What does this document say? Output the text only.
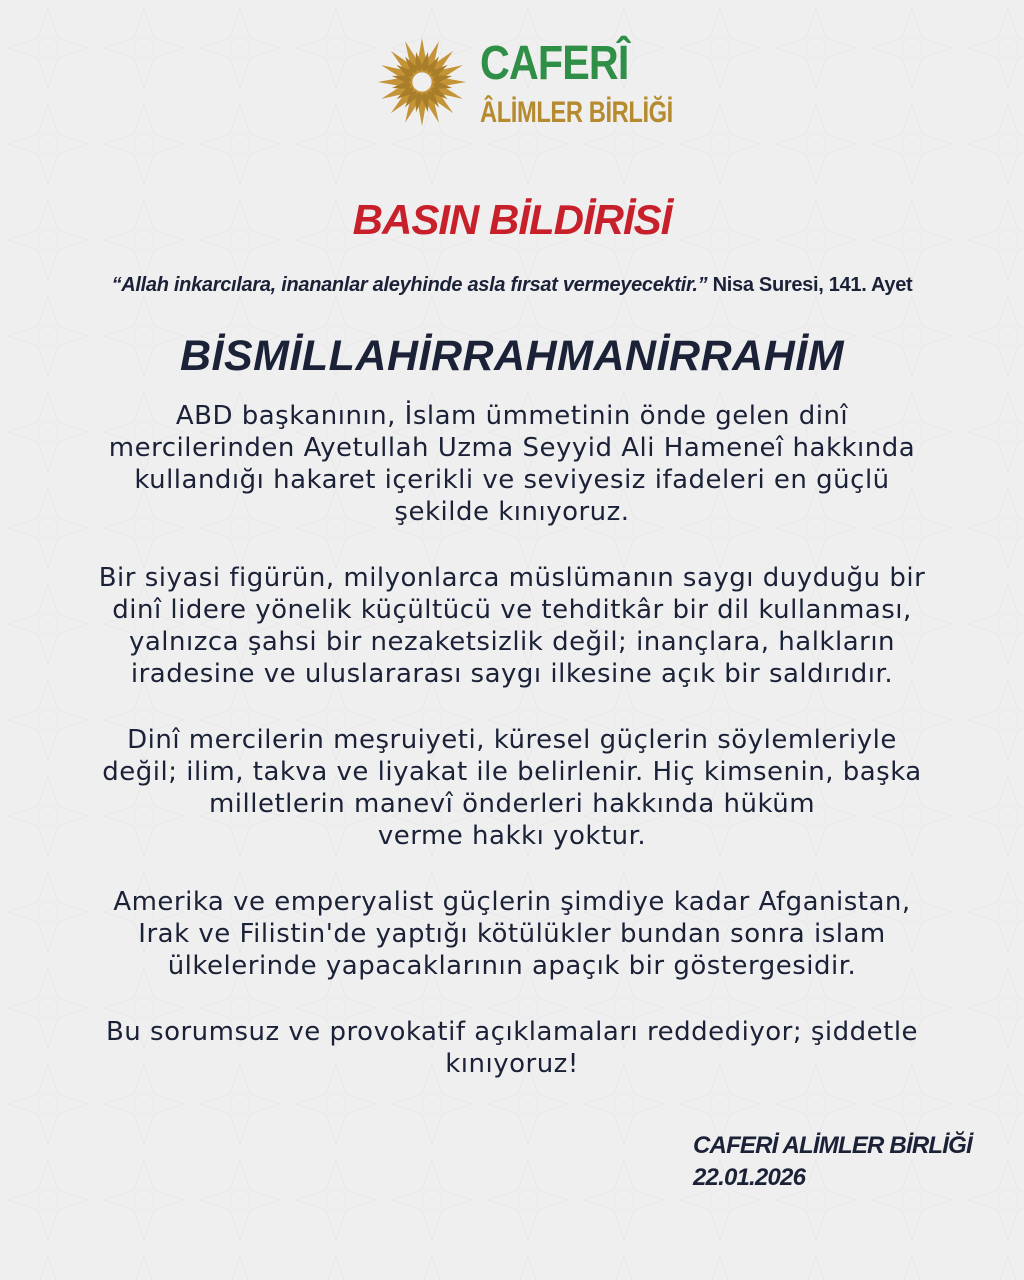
CAFERÎ
ÂLİMLER BİRLİĞİ
BASIN BİLDİRİSİ
“Allah inkarcılara, inananlar aleyhinde asla fırsat vermeyecektir.” Nisa Suresi, 141. Ayet
BİSMİLLAHİRRAHMANİRRAHİM

ABD başkanının, İslam ümmetinin önde gelen dinî
mercilerinden Ayetullah Uzma Seyyid Ali Hameneî hakkında
kullandığı hakaret içerikli ve seviyesiz ifadeleri en güçlü
şekilde kınıyoruz.

Bir siyasi figürün, milyonlarca müslümanın saygı duyduğu bir
dinî lidere yönelik küçültücü ve tehditkâr bir dil kullanması,
yalnızca şahsi bir nezaketsizlik değil; inançlara, halkların
iradesine ve uluslararası saygı ilkesine açık bir saldırıdır.

Dinî mercilerin meşruiyeti, küresel güçlerin söylemleriyle
değil; ilim, takva ve liyakat ile belirlenir. Hiç kimsenin, başka
milletlerin manevî önderleri hakkında hüküm
verme hakkı yoktur.

Amerika ve emperyalist güçlerin şimdiye kadar Afganistan,
Irak ve Filistin'de yaptığı kötülükler bundan sonra islam
ülkelerinde yapacaklarının apaçık bir göstergesidir.

Bu sorumsuz ve provokatif açıklamaları reddediyor; şiddetle
kınıyoruz!

CAFERİ ALİMLER BİRLİĞİ
22.01.2026
